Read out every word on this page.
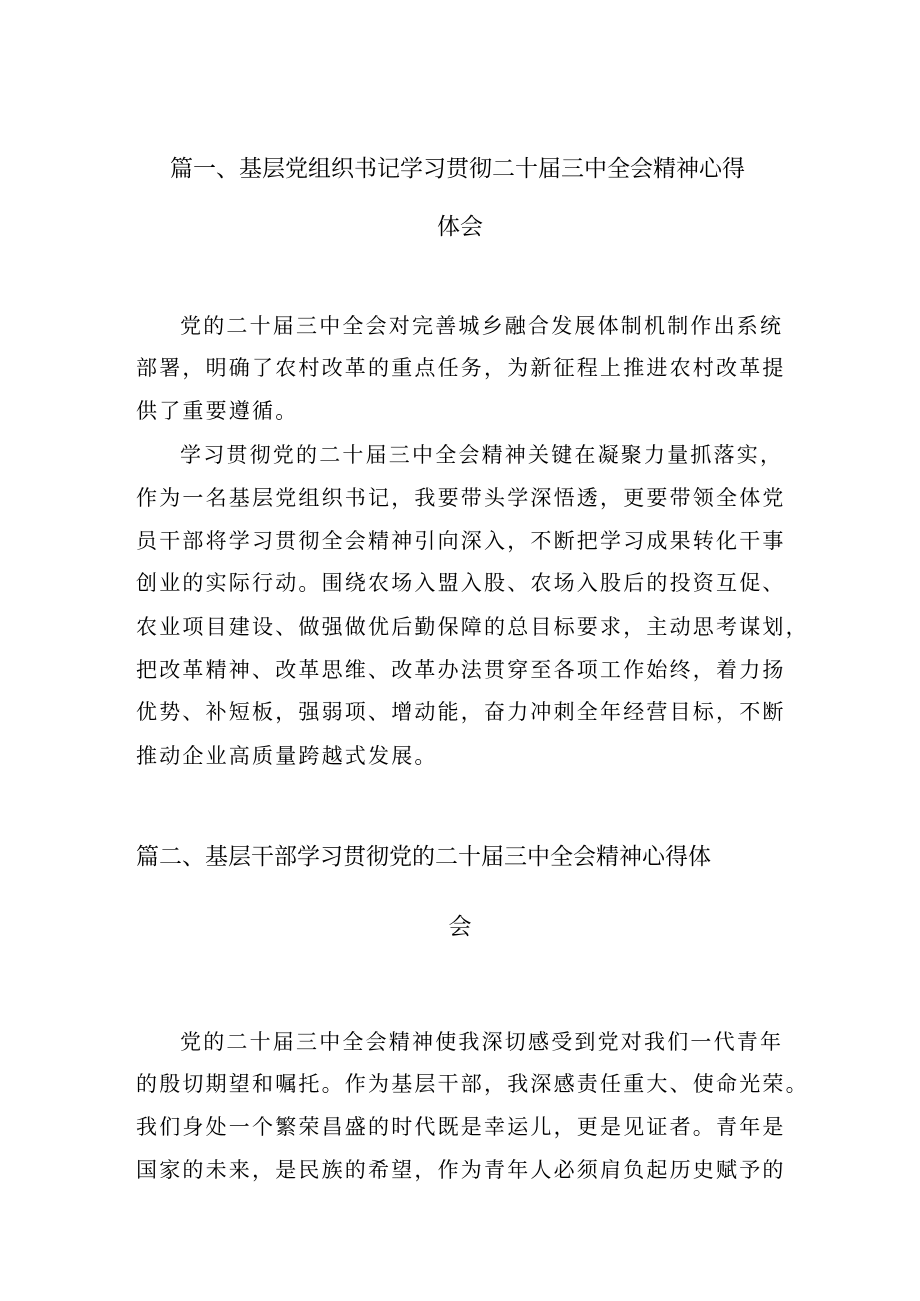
篇一、基层党组织书记学习贯彻二十届三中全会精神心得
体会
党的二十届三中全会对完善城乡融合发展体制机制作出系统
部署，明确了农村改革的重点任务，为新征程上推进农村改革提
供了重要遵循。
学习贯彻党的二十届三中全会精神关键在凝聚力量抓落实，
作为一名基层党组织书记，我要带头学深悟透，更要带领全体党
员干部将学习贯彻全会精神引向深入，不断把学习成果转化干事
创业的实际行动。围绕农场入盟入股、农场入股后的投资互促、
农业项目建设、做强做优后勤保障的总目标要求，主动思考谋划，
把改革精神、改革思维、改革办法贯穿至各项工作始终，着力扬
优势、补短板，强弱项、增动能，奋力冲刺全年经营目标，不断
推动企业高质量跨越式发展。
篇二、基层干部学习贯彻党的二十届三中全会精神心得体
会
党的二十届三中全会精神使我深切感受到党对我们一代青年
的殷切期望和嘱托。作为基层干部，我深感责任重大、使命光荣。
我们身处一个繁荣昌盛的时代既是幸运儿，更是见证者。青年是
国家的未来，是民族的希望，作为青年人必须肩负起历史赋予的
